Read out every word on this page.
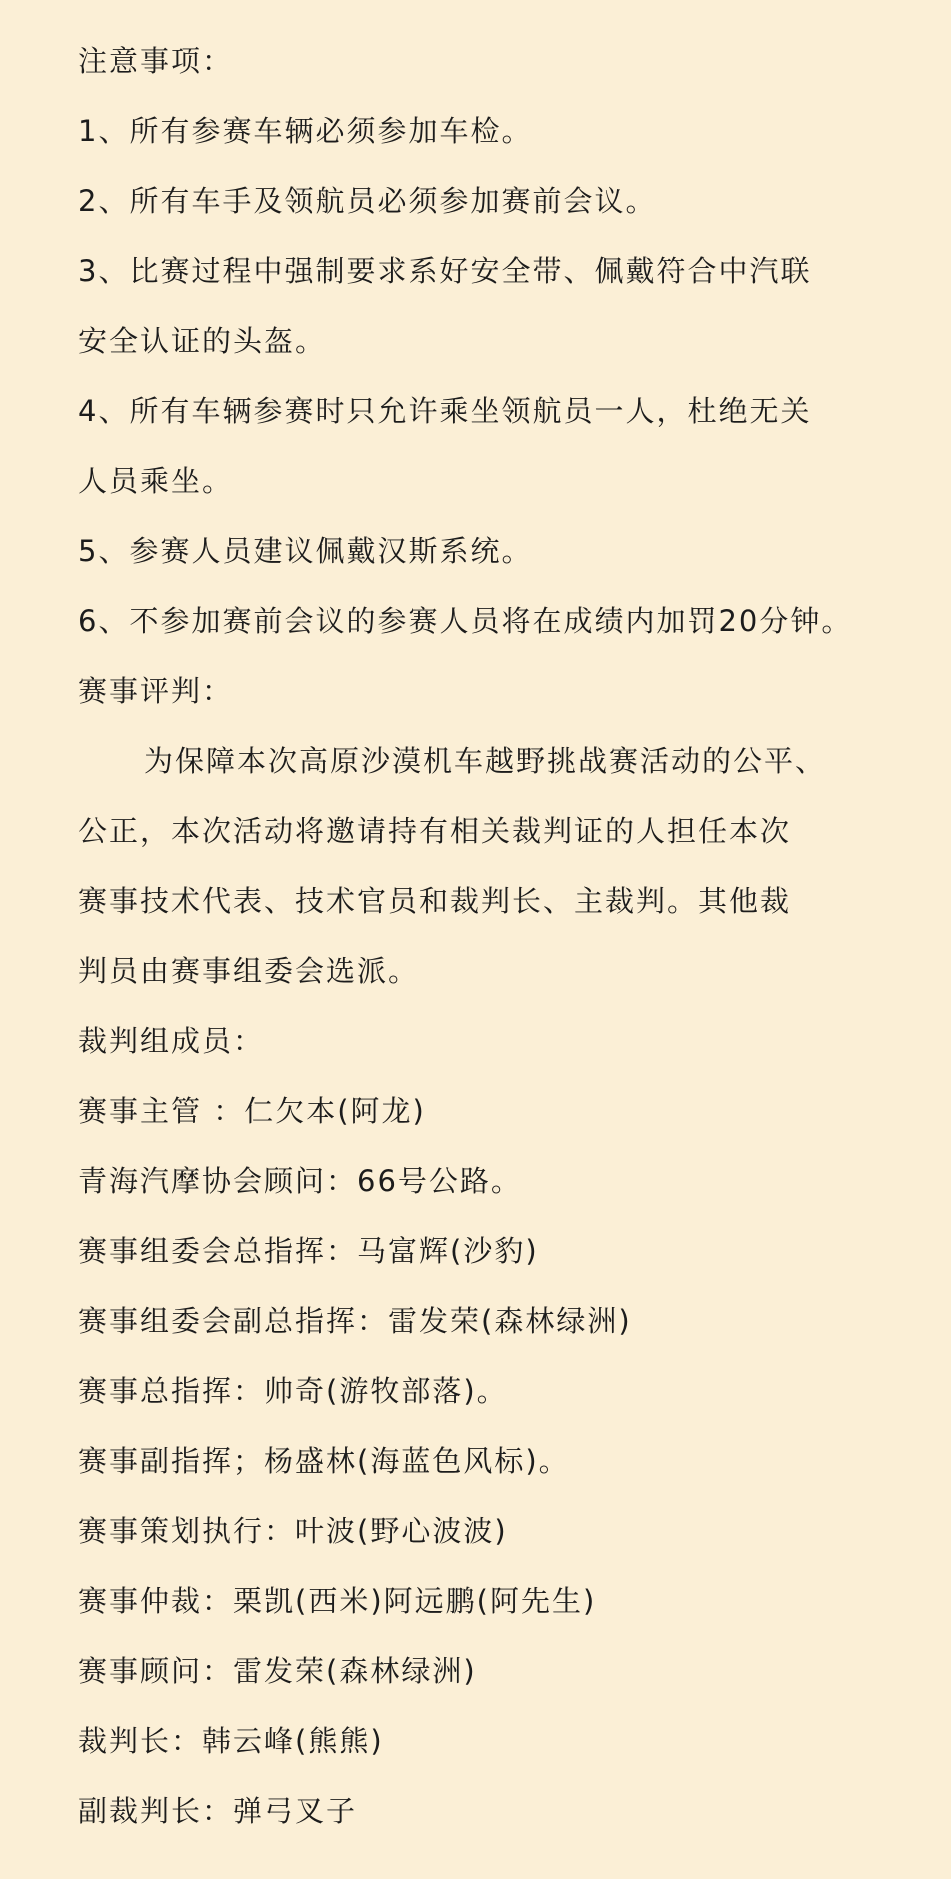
注意事项：
1、所有参赛车辆必须参加车检。
2、所有车手及领航员必须参加赛前会议。
3、比赛过程中强制要求系好安全带、佩戴符合中汽联
安全认证的头盔。
4、所有车辆参赛时只允许乘坐领航员一人，杜绝无关
人员乘坐。
5、参赛人员建议佩戴汉斯系统。
6、不参加赛前会议的参赛人员将在成绩内加罚20分钟。
赛事评判：
为保障本次高原沙漠机车越野挑战赛活动的公平、
公正，本次活动将邀请持有相关裁判证的人担任本次
赛事技术代表、技术官员和裁判长、主裁判。其他裁
判员由赛事组委会选派。
裁判组成员：
赛事主管 ：仁欠本(阿龙)
青海汽摩协会顾问：66号公路。
赛事组委会总指挥：马富辉(沙豹)
赛事组委会副总指挥：雷发荣(森林绿洲)
赛事总指挥：帅奇(游牧部落)。
赛事副指挥；杨盛林(海蓝色风标)。
赛事策划执行：叶波(野心波波)
赛事仲裁：栗凯(西米)阿远鹏(阿先生)
赛事顾问：雷发荣(森林绿洲)
裁判长：韩云峰(熊熊)
副裁判长：弹弓叉子
